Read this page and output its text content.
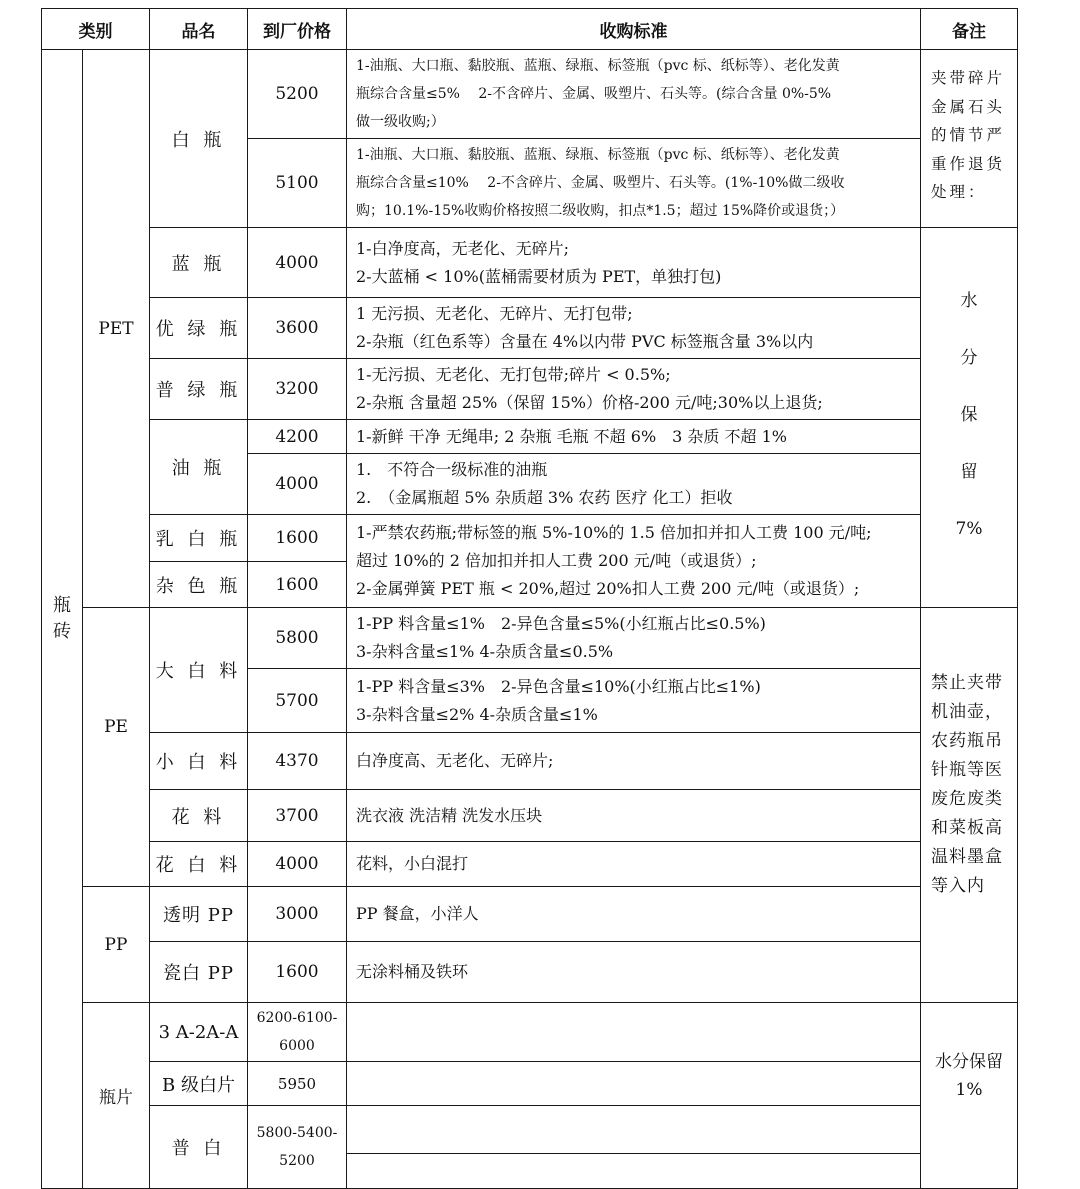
类别		品名	到厂价格	收购标准	备注
瓶砖	PET	白 瓶	5200	1-油瓶、大口瓶、黏胶瓶、蓝瓶、绿瓶、标签瓶（pvc 标、纸标等）、老化发黄
瓶综合含量≤5%　 2-不含碎片、金属、吸塑片、石头等。(综合含量 0%-5%
做一级收购;）	夹带碎片金属石头的情节严重作退货处理：
			5100	1-油瓶、大口瓶、黏胶瓶、蓝瓶、绿瓶、标签瓶（pvc 标、纸标等）、老化发黄
瓶综合含量≤10%　 2-不含碎片、金属、吸塑片、石头等。(1%-10%做二级收
购；10.1%-15%收购价格按照二级收购，扣点*1.5；超过 15%降价或退货；）	

		蓝 瓶	4000	1-白净度高，无老化、无碎片;
2-大蓝桶 < 10%(蓝桶需要材质为 PET，单独打包)	水
分
保
留
7%

		优 绿 瓶	3600	1 无污损、无老化、无碎片、无打包带;
2-杂瓶（红色系等）含量在 4%以内带 PVC 标签瓶含量 3%以内	

		普 绿 瓶	3200	1-无污损、无老化、无打包带;碎片 < 0.5%;
2-杂瓶 含量超 25%（保留 15%）价格-200 元/吨;30%以上退货;	

		油 瓶	4200	1-新鲜 干净 无绳串; 2 杂瓶 毛瓶 不超 6%　3 杂质 不超 1%	

			4000	1.　不符合一级标准的油瓶
2.　（金属瓶超 5% 杂质超 3% 农药 医疗 化工）拒收	

		乳 白 瓶	1600	1-严禁农药瓶;带标签的瓶 5%-10%的 1.5 倍加扣并扣人工费 100 元/吨;
超过 10%的 2 倍加扣并扣人工费 200 元/吨（或退货）;
2-金属弹簧 PET 瓶 < 20%,超过 20%扣人工费 200 元/吨（或退货）;	

		杂 色 瓶	1600		

	PE	大 白 料	5800	1-PP 料含量≤1%　2-异色含量≤5%(小红瓶占比≤0.5%)
3-杂料含量≤1% 4-杂质含量≤0.5%	禁止夹带机油壶，农药瓶吊针瓶等医废危废类和菜板高温料墨盒等入内
			5700	1-PP 料含量≤3%　2-异色含量≤10%(小红瓶占比≤1%)
3-杂料含量≤2% 4-杂质含量≤1%	

		小 白 料	4370	白净度高、无老化、无碎片;	
		花 料	3700	洗衣液 洗洁精 洗发水压块	
		花 白 料	4000	花料，小白混打	
	PP	透明 PP	3000	PP 餐盒，小洋人	
		瓷白 PP	1600	无涂料桶及铁环	
	瓶片	3 A-2A-A	6200-6100-
6000		水分保留
1%

		B 级白片	5950		
		普 白	5800-5400-
5200		
